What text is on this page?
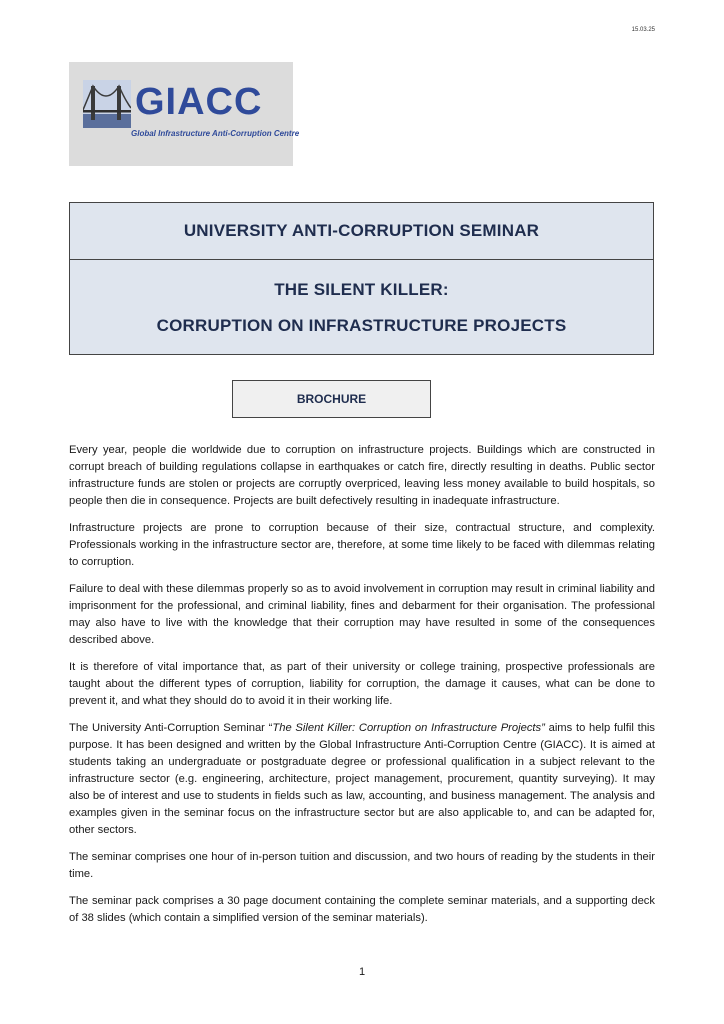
15.03.25
GIACC
Global Infrastructure Anti-Corruption Centre
UNIVERSITY ANTI-CORRUPTION SEMINAR
THE SILENT KILLER:
CORRUPTION ON INFRASTRUCTURE PROJECTS
BROCHURE

Every year, people die worldwide due to corruption on infrastructure projects. Buildings which are constructed in corrupt breach of building regulations collapse in earthquakes or catch fire, directly resulting in deaths. Public sector infrastructure funds are stolen or projects are corruptly overpriced, leaving less money available to build hospitals, so people then die in consequence. Projects are built defectively resulting in inadequate infrastructure.

Infrastructure projects are prone to corruption because of their size, contractual structure, and complexity. Professionals working in the infrastructure sector are, therefore, at some time likely to be faced with dilemmas relating to corruption.

Failure to deal with these dilemmas properly so as to avoid involvement in corruption may result in criminal liability and imprisonment for the professional, and criminal liability, fines and debarment for their organisation. The professional may also have to live with the knowledge that their corruption may have resulted in some of the consequences described above.

It is therefore of vital importance that, as part of their university or college training, prospective professionals are taught about the different types of corruption, liability for corruption, the damage it causes, what can be done to prevent it, and what they should do to avoid it in their working life.

The University Anti-Corruption Seminar “The Silent Killer: Corruption on Infrastructure Projects” aims to help fulfil this purpose. It has been designed and written by the Global Infrastructure Anti-Corruption Centre (GIACC). It is aimed at students taking an undergraduate or postgraduate degree or professional qualification in a subject relevant to the infrastructure sector (e.g. engineering, architecture, project management, procurement, quantity surveying). It may also be of interest and use to students in fields such as law, accounting, and business management. The analysis and examples given in the seminar focus on the infrastructure sector but are also applicable to, and can be adapted for, other sectors.

The seminar comprises one hour of in-person tuition and discussion, and two hours of reading by the students in their time.

The seminar pack comprises a 30 page document containing the complete seminar materials, and a supporting deck of 38 slides (which contain a simplified version of the seminar materials).

1
